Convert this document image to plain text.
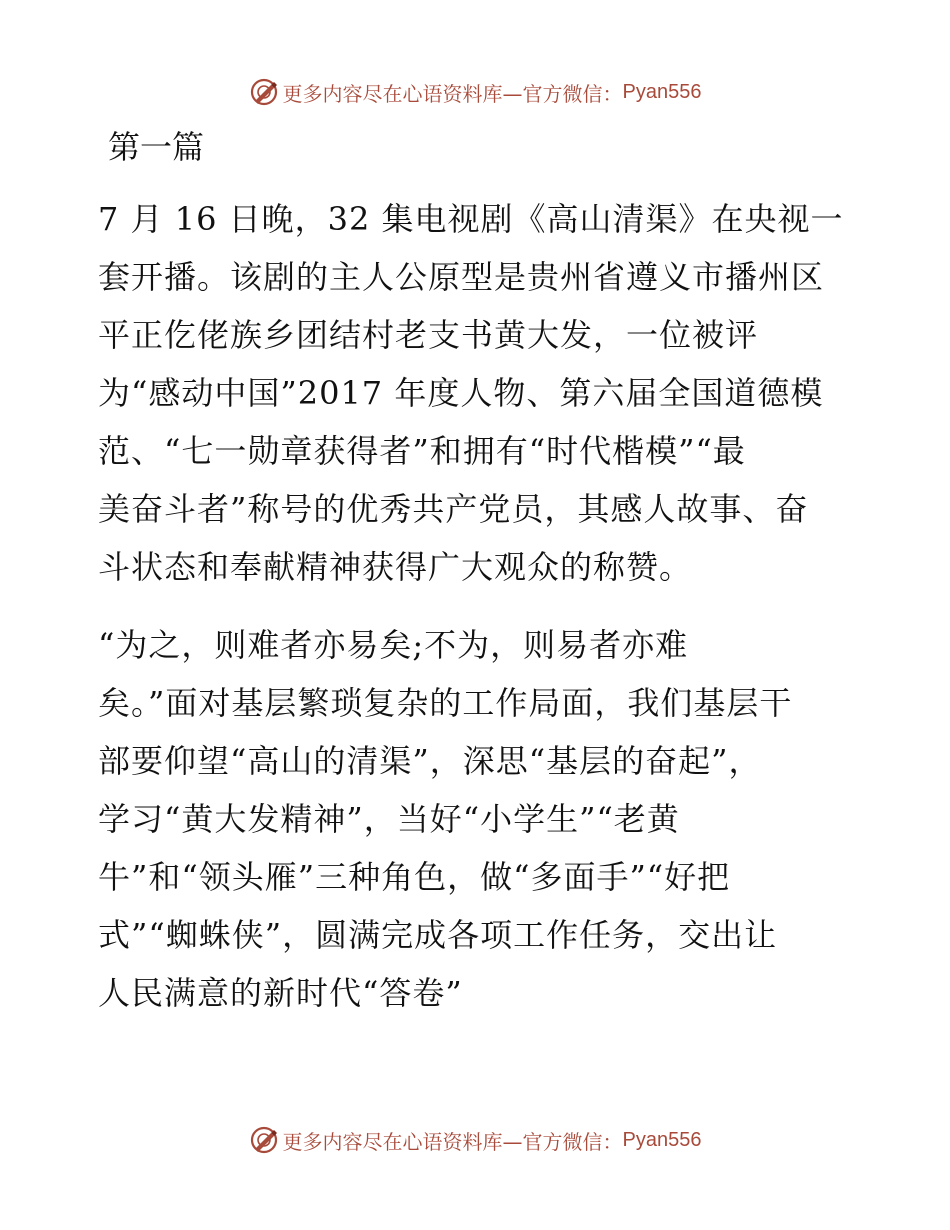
更多内容尽在心语资料库—官方微信： Pyan556
第一篇
7 月 16 日晚，32 集电视剧《高山清渠》在央视一
套开播。该剧的主人公原型是贵州省遵义市播州区
平正仡佬族乡团结村老支书黄大发，一位被评
为“感动中国”2017 年度人物、第六届全国道德模
范、“七一勋章获得者”和拥有“时代楷模”“最
美奋斗者”称号的优秀共产党员，其感人故事、奋
斗状态和奉献精神获得广大观众的称赞。
“为之，则难者亦易矣;不为，则易者亦难
矣。”面对基层繁琐复杂的工作局面，我们基层干
部要仰望“高山的清渠”，深思“基层的奋起”，
学习“黄大发精神”，当好“小学生”“老黄
牛”和“领头雁”三种角色，做“多面手”“好把
式”“蜘蛛侠”，圆满完成各项工作任务，交出让
人民满意的新时代“答卷”
更多内容尽在心语资料库—官方微信： Pyan556
